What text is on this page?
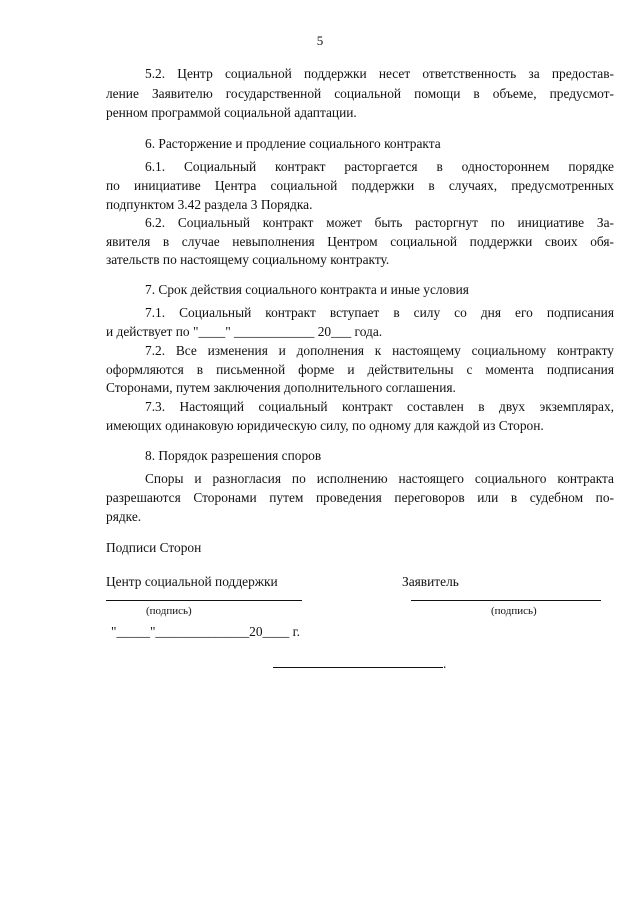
5
5.2. Центр социальной поддержки несет ответственность за предостав-
ление Заявителю государственной социальной помощи в объеме, предусмот-
ренном программой социальной адаптации.
6. Расторжение и продление социального контракта
6.1. Социальный контракт расторгается в одностороннем порядке
по инициативе Центра социальной поддержки в случаях, предусмотренных
подпунктом 3.42 раздела 3 Порядка.
6.2. Социальный контракт может быть расторгнут по инициативе За-
явителя в случае невыполнения Центром социальной поддержки своих обя-
зательств по настоящему социальному контракту.
7. Срок действия социального контракта и иные условия
7.1. Социальный контракт вступает в силу со дня его подписания
и действует по "____" ____________ 20___ года.
7.2. Все изменения и дополнения к настоящему социальному контракту
оформляются в письменной форме и действительны с момента подписания
Сторонами, путем заключения дополнительного соглашения.
7.3. Настоящий социальный контракт составлен в двух экземплярах,
имеющих одинаковую юридическую силу, по одному для каждой из Сторон.
8. Порядок разрешения споров
Споры и разногласия по исполнению настоящего социального контракта
разрешаются Сторонами путем проведения переговоров или в судебном по-
рядке.
Подписи Сторон
Центр социальной поддержки	Заявитель
(подпись)	(подпись)
"_____"______________20____ г.
.
